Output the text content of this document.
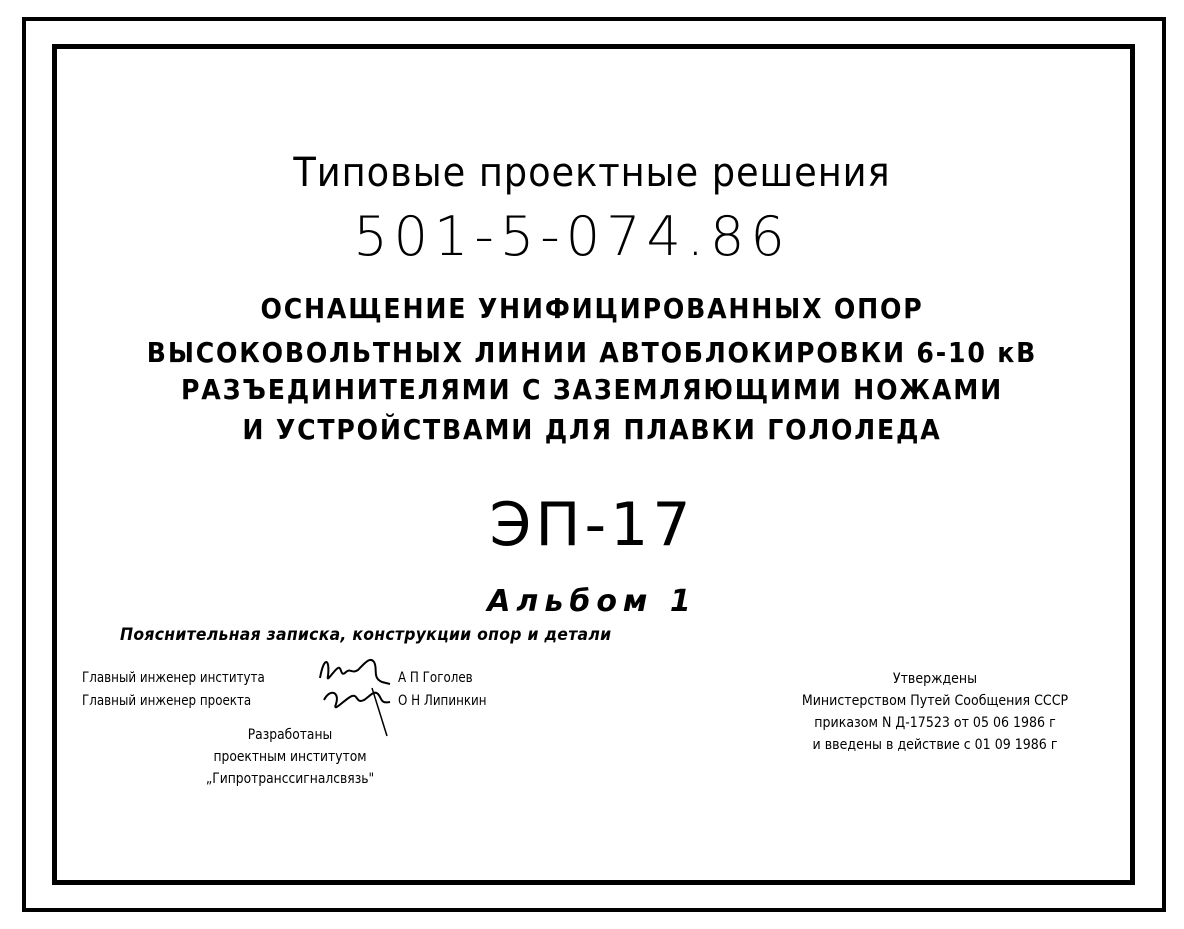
Типовые проектные решения
501-5-074.86
ОСНАЩЕНИЕ УНИФИЦИРОВАННЫХ ОПОР
ВЫСОКОВОЛЬТНЫХ ЛИНИИ АВТОБЛОКИРОВКИ 6-10 кВ
РАЗЪЕДИНИТЕЛЯМИ С ЗАЗЕМЛЯЮЩИМИ НОЖАМИ
И УСТРОЙСТВАМИ ДЛЯ ПЛАВКИ ГОЛОЛЕДА
ЭП-17
Альбом 1
Пояснительная записка, конструкции опор и детали
Главный инженер института
Главный инженер проекта
А П Гоголев
О Н Липинкин
Разработаны
проектным институтом
„Гипротранссигналсвязь"
Утверждены
Министерством Путей Сообщения СССР
приказом N Д-17523 от 05 06 1986 г
и введены в действие с 01 09 1986 г
